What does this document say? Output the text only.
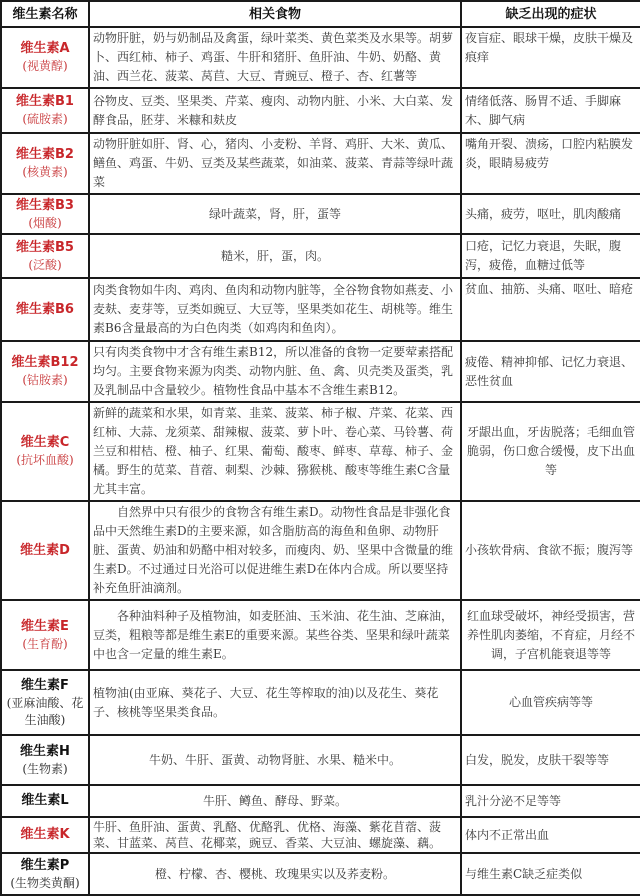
维生素名称	相关食物	缺乏出现的症状

维生素A
(视黄醇)	动物肝脏，奶与奶制品及禽蛋，绿叶菜类、黄色菜类及水果等。胡萝卜、西红柿、柿子、鸡蛋、牛肝和猪肝、鱼肝油、牛奶、奶酪、黄油、西兰花、菠菜、莴苣、大豆、青豌豆、橙子、杏、红薯等	夜盲症、眼球干燥，皮肤干燥及痕痒

维生素B1
(硫胺素)	谷物皮、豆类、坚果类、芹菜、瘦肉、动物内脏、小米、大白菜、发酵食品，胚芽、米糠和麸皮	情绪低落、肠胃不适、手脚麻木、脚气病

维生素B2
(核黄素)	动物肝脏如肝、肾、心，猪肉、小麦粉、羊肾、鸡肝、大米、黄瓜、鳝鱼、鸡蛋、牛奶、豆类及某些蔬菜，如油菜、菠菜、青蒜等绿叶蔬菜	嘴角开裂、溃疡，口腔内粘膜发炎，眼睛易疲劳

维生素B3
(烟酸)	绿叶蔬菜，肾，肝，蛋等	头痛，疲劳，呕吐，肌肉酸痛

维生素B5
(泛酸)	糙米，肝，蛋，肉。	口疮，记忆力衰退，失眠，腹泻，疲倦，血糖过低等

维生素B6	肉类食物如牛肉、鸡肉、鱼肉和动物内脏等，全谷物食物如燕麦、小麦麸、麦芽等，豆类如豌豆、大豆等，坚果类如花生、胡桃等。维生素B6含量最高的为白色肉类（如鸡肉和鱼肉）。	贫血、抽筋、头痛、呕吐、暗疮

维生素B12
(钴胺素)	只有肉类食物中才含有维生素B12，所以准备的食物一定要荤素搭配均匀。主要食物来源为肉类、动物内脏、鱼、禽、贝壳类及蛋类，乳及乳制品中含量较少。植物性食品中基本不含维生素B12。	疲倦、精神抑郁、记忆力衰退、恶性贫血

维生素C
(抗坏血酸)	新鲜的蔬菜和水果，如青菜、韭菜、菠菜、柿子椒、芹菜、花菜、西红柿、大蒜、龙须菜、甜辣椒、菠菜、萝卜叶、卷心菜、马铃薯、荷兰豆和柑桔、橙、柚子、红果、葡萄、酸枣、鲜枣、草莓、柿子、金橘。野生的苋菜、苜蓿、刺梨、沙棘、猕猴桃、酸枣等维生素C含量尤其丰富。	牙龈出血，牙齿脱落；毛细血管脆弱，伤口愈合缓慢，皮下出血等

维生素D	自然界中只有很少的食物含有维生素D。动物性食品是非强化食品中天然维生素D的主要来源，如含脂肪高的海鱼和鱼卵、动物肝脏、蛋黄、奶油和奶酪中相对较多，而瘦肉、奶、坚果中含微量的维生素D。不过通过日光浴可以促进维生素D在体内合成。所以要坚持补充鱼肝油滴剂。	小孩软骨病、食欲不振；腹泻等

维生素E
(生育酚)	各种油料种子及植物油，如麦胚油、玉米油、花生油、芝麻油，豆类，粗粮等都是维生素E的重要来源。某些谷类、坚果和绿叶蔬菜中也含一定量的维生素E。	红血球受破坏，神经受损害，营养性肌肉萎缩，不育症，月经不调，子宫机能衰退等等

维生素F
(亚麻油酸、花生油酸)	植物油(由亚麻、葵花子、大豆、花生等榨取的油)以及花生、葵花子、核桃等坚果类食品。	心血管疾病等等

维生素H
(生物素)	牛奶、牛肝、蛋黄、动物肾脏、水果、糙米中。	白发，脱发，皮肤干裂等等

维生素L	牛肝、鳟鱼、酵母、野菜。	乳汁分泌不足等等

维生素K	牛肝、鱼肝油、蛋黄、乳酪、优酪乳、优格、海藻、紫花苜蓿、菠菜、甘蓝菜、莴苣、花椰菜，豌豆、香菜、大豆油、螺旋藻、藕。	体内不正常出血

维生素P
(生物类黄酮)	橙、柠檬、杏、樱桃、玫瑰果实以及荞麦粉。	与维生素C缺乏症类似
